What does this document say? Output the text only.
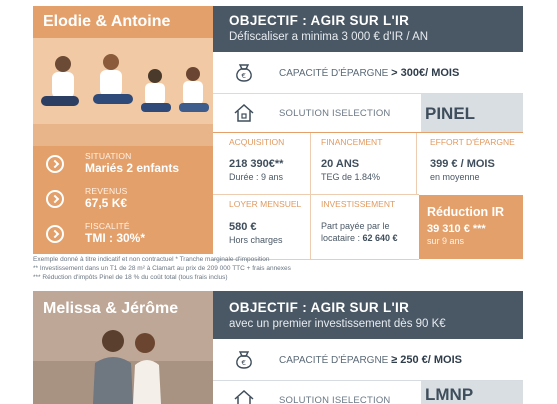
Elodie & Antoine
SITUATION
Mariés 2 enfants
REVENUS
67,5 K€
FISCALITÉ
TMI : 30%*
OBJECTIF : AGIR SUR L'IR
Défiscaliser a minima 3 000 € d'IR / AN
€	CAPACITÉ D'ÉPARGNE > 300€/ MOIS
SOLUTION ISELECTION PINEL
ACQUISITION
218 390€**
Durée : 9 ans
FINANCEMENT
20 ANS
TEG de 1.84%
EFFORT D'ÉPARGNE
399 € / MOIS
en moyenne
LOYER MENSUEL
580 €
Hors charges
INVESTISSEMENT
Part payée par le
locataire : 62 640 €
Réduction IR
39 310 € ***
sur 9 ans
Exemple donné à titre indicatif et non contractuel * Tranche marginale d'imposition
** Investissement dans un T1 de 28 m² à Clamart au prix de 209 000 TTC + frais annexes
*** Réduction d'impôts Pinel de 18 % du coût total (tous frais inclus)
Melissa & Jérôme	OBJECTIF : AGIR SUR L'IR
avec un premier investissement dès 90 K€
€	CAPACITÉ D'ÉPARGNE ≥ 250 €/ MOIS
SOLUTION ISELECTION LMNP
